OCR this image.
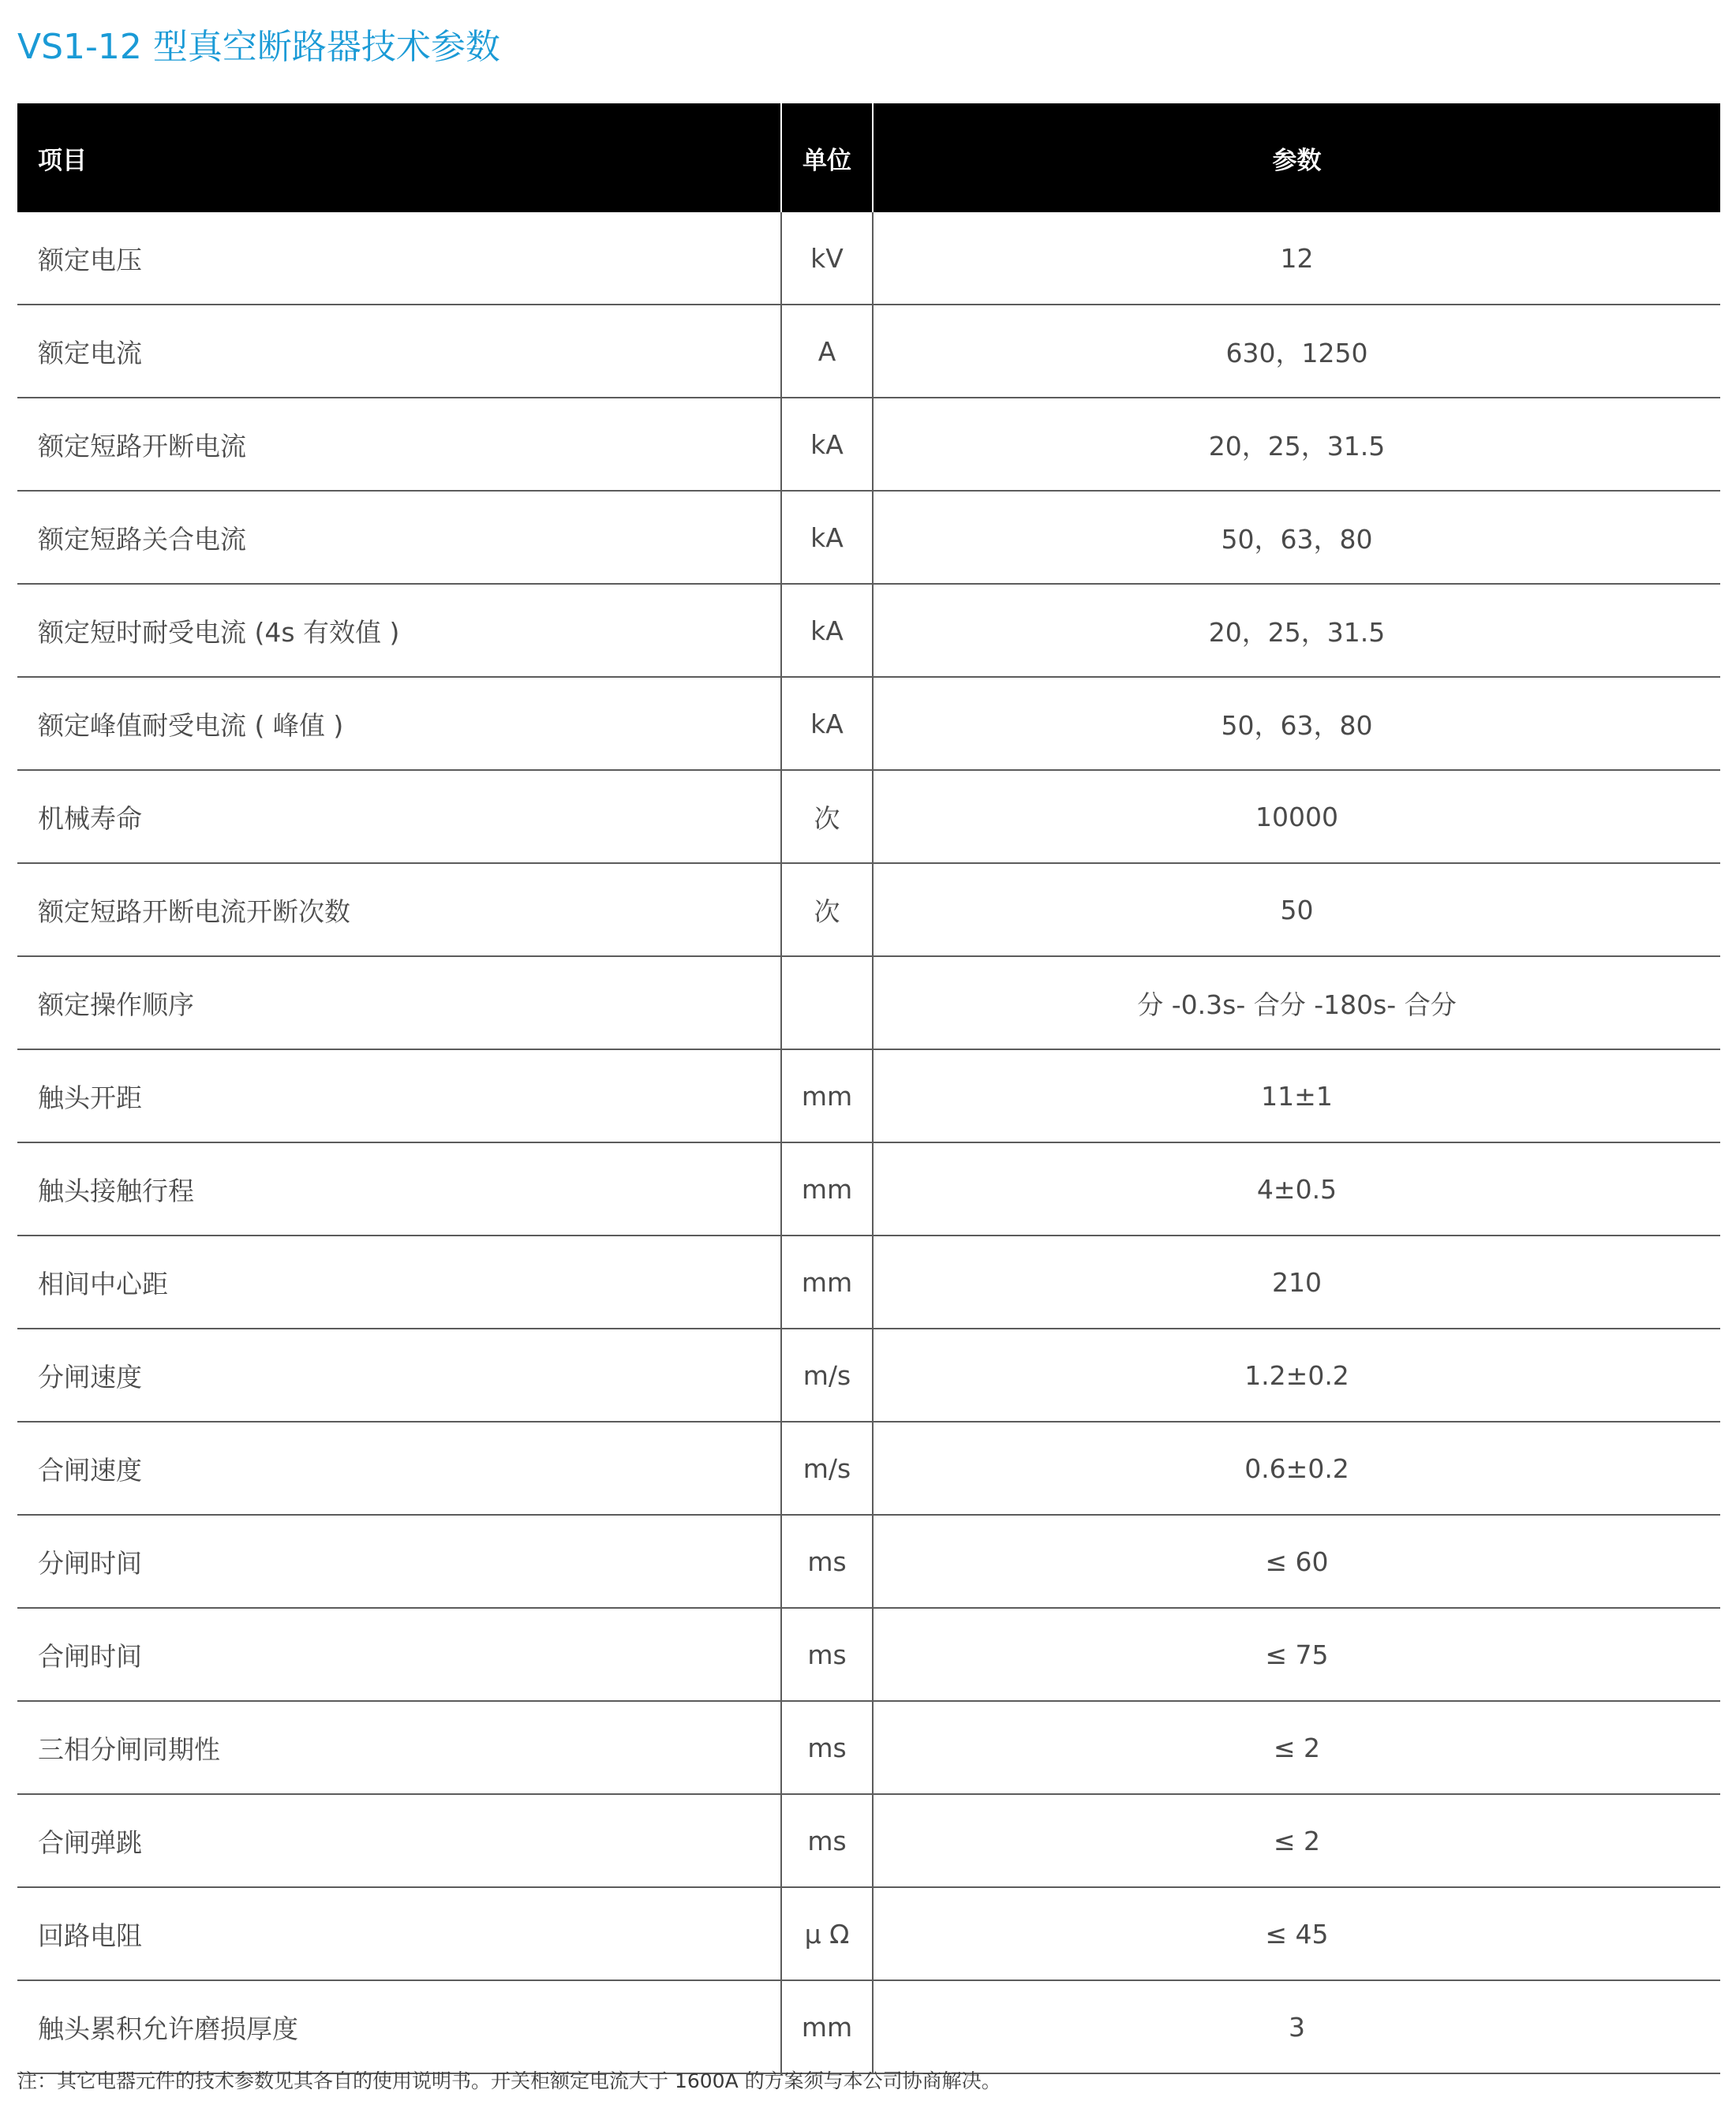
VS1-12 型真空断路器技术参数
项目	单位	参数
额定电压	kV	12
额定电流	A	630，1250
额定短路开断电流	kA	20，25，31.5
额定短路关合电流	kA	50，63，80
额定短时耐受电流 (4s 有效值 )	kA	20，25，31.5
额定峰值耐受电流 ( 峰值 )	kA	50，63，80
机械寿命	次	10000
额定短路开断电流开断次数	次	50
额定操作顺序		分 -0.3s- 合分 -180s- 合分
触头开距	mm	11±1
触头接触行程	mm	4±0.5
相间中心距	mm	210
分闸速度	m/s	1.2±0.2
合闸速度	m/s	0.6±0.2
分闸时间	ms	≤ 60
合闸时间	ms	≤ 75
三相分闸同期性	ms	≤ 2
合闸弹跳	ms	≤ 2
回路电阻	μ Ω	≤ 45
触头累积允许磨损厚度	mm	3

注：其它电器元件的技术参数见其各自的使用说明书。开关柜额定电流大于 1600A 的方案须与本公司协商解决。
